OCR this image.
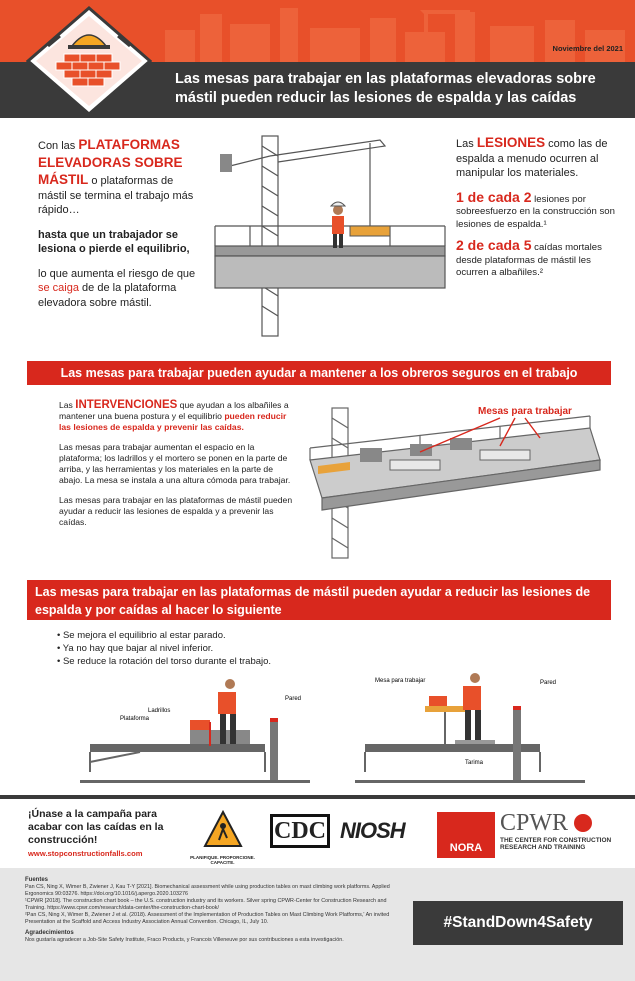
Noviembre del 2021
Las mesas para trabajar en las plataformas elevadoras sobre mástil pueden reducir las lesiones de espalda y las caídas
Con las PLATAFORMAS ELEVADORAS SOBRE MÁSTIL o plataformas de mástil se termina el trabajo más rápido…
hasta que un trabajador se lesiona o pierde el equilibrio,
lo que aumenta el riesgo de que se caiga de de la plataforma elevadora sobre mástil.
Las LESIONES como las de espalda a menudo ocurren al manipular los materiales.
1 de cada 2 lesiones por sobreesfuerzo en la construcción son lesiones de espalda.¹
2 de cada 5 caídas mortales desde plataformas de mástil les ocurren a albañiles.²
Las mesas para trabajar pueden ayudar a mantener a los obreros seguros en el trabajo
Las INTERVENCIONES que ayudan a los albañiles a mantener una buena postura y el equilibrio pueden reducir las lesiones de espalda y prevenir las caídas.
Las mesas para trabajar aumentan el espacio en la plataforma; los ladrillos y el mortero se ponen en la parte de arriba, y las herramientas y los materiales en la parte de abajo. La mesa se instala a una altura cómoda para trabajar.
Las mesas para trabajar en las plataformas de mástil pueden ayudar a reducir las lesiones de espalda y a prevenir las caídas.
Mesas para trabajar
Las mesas para trabajar en las plataformas de mástil pueden ayudar a reducir las lesiones de espalda y por caídas al hacer lo siguiente
• Se mejora el equilibrio al estar parado.
• Ya no hay que bajar al nivel inferior.
• Se reduce la rotación del torso durante el trabajo.
Ladrillos
Plataforma
Pared
Mesa para trabajar	Pared
Tarima
¡Únase a la campaña para acabar con las caídas en la construcción!
www.stopconstructionfalls.com	PLANIFIQUE. PROPORCIONE. CAPACITE.
CDC NIOSH
NORA
CPWR
THE CENTER FOR CONSTRUCTION RESEARCH AND TRAINING
Fuentes
Pan CS, Ning X, Wimer B, Zwiener J, Kau T-Y [2021]. Biomechanical assessment while using production tables on mast climbing work platforms. Applied Ergonomics 90:03276. https://doi.org/10.1016/j.apergo.2020.103276
¹CPWR [2018]. The construction chart book – the U.S. construction industry and its workers. Silver spring CPWR-Center for Construction Research and Training. https://www.cpwr.com/research/data-center/the-construction-chart-book/
²Pan CS, Ning X, Wimer B, Zwiener J et al. (2018). Assessment of the Implementation of Production Tables on Mast Climbing Work Platforms,' An invited Presentation at the Scaffold and Access Industry Association Annual Convention. Chicago, IL, July 10.
Agradecimientos
Nos gustaría agradecer a Job-Site Safety Institute, Fraco Products, y Francois Villeneuve por sus contribuciones a esta investigación.
#StandDown4Safety
